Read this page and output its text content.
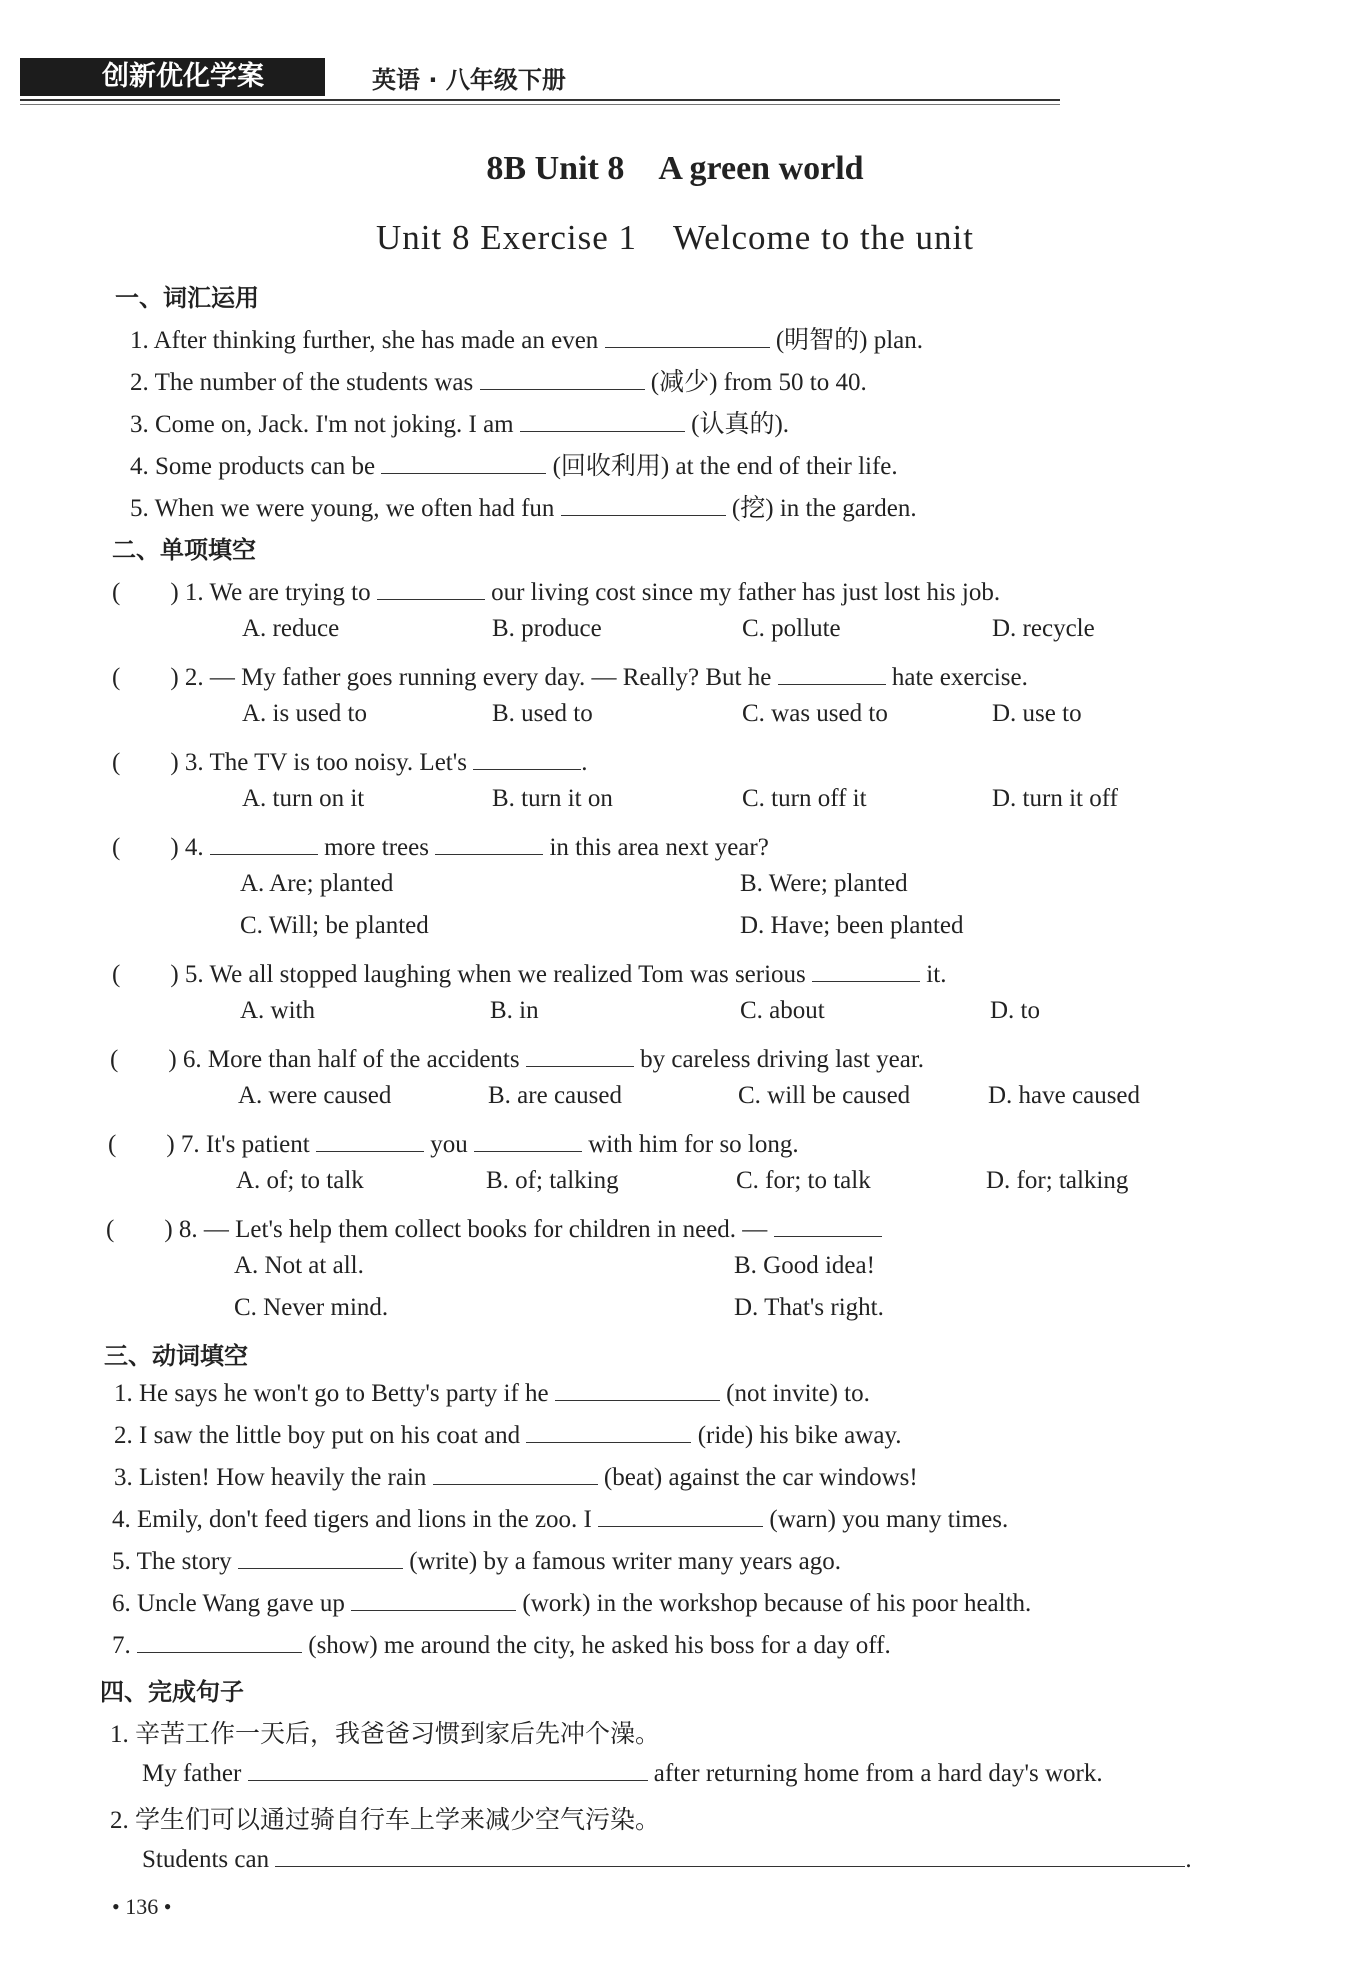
创新优化学案	英语 · 八年级下册
8B Unit 8　A green world
Unit 8 Exercise 1　Welcome to the unit
一、词汇运用
1. After thinking further, she has made an even	(明智的) plan.
2. The number of the students was	(减少) from 50 to 40.
3. Come on, Jack. I'm not joking. I am	(认真的).
4. Some products can be	(回收利用) at the end of their life.
5. When we were young, we often had fun	(挖) in the garden.
二、单项填空
(　　) 1. We are trying to	our living cost since my father has just lost his job.
A. reduce	B. produce	C. pollute	D. recycle
(　　) 2. — My father goes running every day. — Really? But he	hate exercise.
A. is used to	B. used to	C. was used to	D. use to
(　　) 3. The TV is too noisy. Let's	.
A. turn on it	B. turn it on	C. turn off it	D. turn it off
(　　) 4.	more trees	in this area next year?
A. Are; planted	B. Were; planted
C. Will; be planted	D. Have; been planted
(　　) 5. We all stopped laughing when we realized Tom was serious	it.
A. with	B. in	C. about	D. to
(　　) 6. More than half of the accidents	by careless driving last year.
A. were caused	B. are caused	C. will be caused	D. have caused
(　　) 7. It's patient	you	with him for so long.
A. of; to talk	B. of; talking	C. for; to talk	D. for; talking
(　　) 8. — Let's help them collect books for children in need. —
A. Not at all.	B. Good idea!
C. Never mind.	D. That's right.
三、动词填空
1. He says he won't go to Betty's party if he	(not invite) to.
2. I saw the little boy put on his coat and	(ride) his bike away.
3. Listen! How heavily the rain	(beat) against the car windows!
4. Emily, don't feed tigers and lions in the zoo. I	(warn) you many times.
5. The story	(write) by a famous writer many years ago.
6. Uncle Wang gave up	(work) in the workshop because of his poor health.
7.	(show) me around the city, he asked his boss for a day off.
四、完成句子
1. 辛苦工作一天后，我爸爸习惯到家后先冲个澡。
My father	after returning home from a hard day's work.
2. 学生们可以通过骑自行车上学来减少空气污染。
Students can	.
• 136 •
